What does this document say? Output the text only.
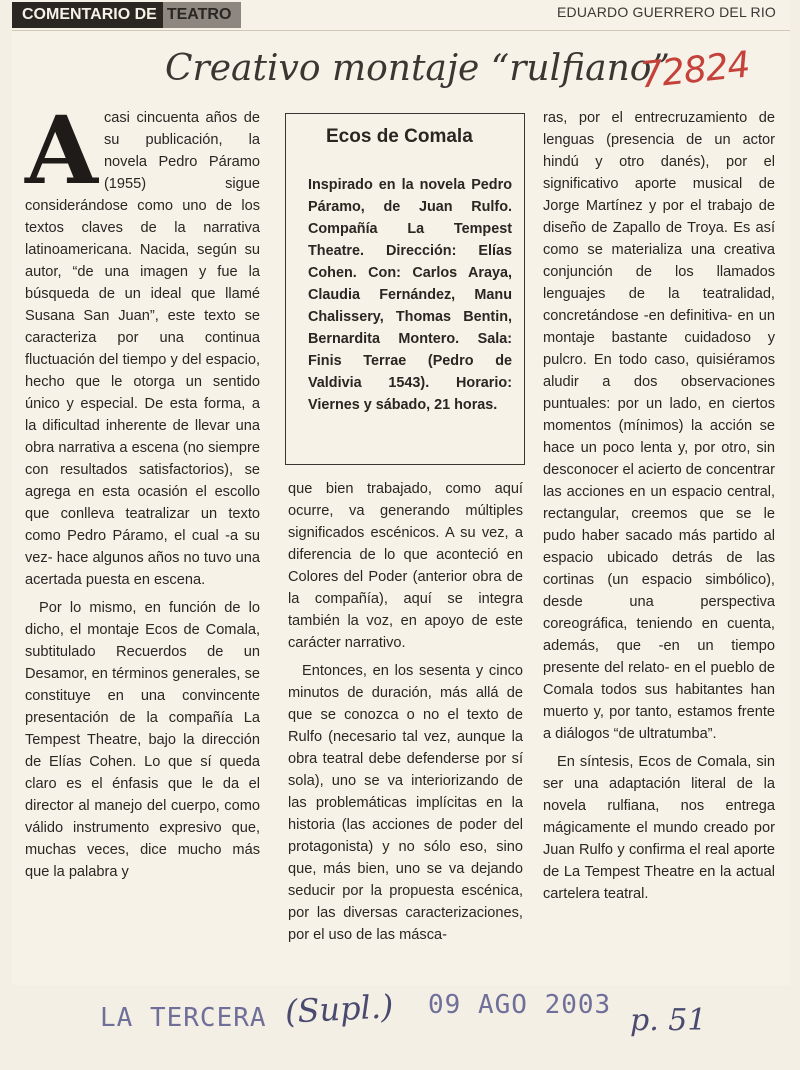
COMENTARIO DE TEATRO	EDUARDO GUERRERO DEL RIO
Creativo montaje “rulfiano”
72824

A casi cincuenta años de su publicación, la novela Pedro Páramo (1955) sigue considerándose como uno de los textos claves de la narrativa latinoamericana. Nacida, según su autor, “de una imagen y fue la búsqueda de un ideal que llamé Susana San Juan”, este texto se caracteriza por una continua fluctuación del tiempo y del espacio, hecho que le otorga un sentido único y especial. De esta forma, a la dificultad inherente de llevar una obra narrativa a escena (no siempre con resultados satisfactorios), se agrega en esta ocasión el escollo que conlleva teatralizar un texto como Pedro Páramo, el cual -a su vez- hace algunos años no tuvo una acertada puesta en escena.

Por lo mismo, en función de lo dicho, el montaje Ecos de Comala, subtitulado Recuerdos de un Desamor, en términos generales, se constituye en una convincente presentación de la compañía La Tempest Theatre, bajo la dirección de Elías Cohen. Lo que sí queda claro es el énfasis que le da el director al manejo del cuerpo, como válido instrumento expresivo que, muchas veces, dice mucho más que la palabra y

Ecos de Comala
Inspirado en la novela Pedro Páramo, de Juan Rulfo. Compañía La Tempest Theatre. Dirección: Elías Cohen. Con: Carlos Araya, Claudia Fernández, Manu Chalissery, Thomas Bentin, Bernardita Montero. Sala: Finis Terrae (Pedro de Valdivia 1543). Horario: Viernes y sábado, 21 horas.

que bien trabajado, como aquí ocurre, va generando múltiples significados escénicos. A su vez, a diferencia de lo que aconteció en Colores del Poder (anterior obra de la compañía), aquí se integra también la voz, en apoyo de este carácter narrativo.

Entonces, en los sesenta y cinco minutos de duración, más allá de que se conozca o no el texto de Rulfo (necesario tal vez, aunque la obra teatral debe defenderse por sí sola), uno se va interiorizando de las problemáticas implícitas en la historia (las acciones de poder del protagonista) y no sólo eso, sino que, más bien, uno se va dejando seducir por la propuesta escénica, por las diversas caracterizaciones, por el uso de las másca-

ras, por el entrecruzamiento de lenguas (presencia de un actor hindú y otro danés), por el significativo aporte musical de Jorge Martínez y por el trabajo de diseño de Zapallo de Troya. Es así como se materializa una creativa conjunción de los llamados lenguajes de la teatralidad, concretándose -en definitiva- en un montaje bastante cuidadoso y pulcro. En todo caso, quisiéramos aludir a dos observaciones puntuales: por un lado, en ciertos momentos (mínimos) la acción se hace un poco lenta y, por otro, sin desconocer el acierto de concentrar las acciones en un espacio central, rectangular, creemos que se le pudo haber sacado más partido al espacio ubicado detrás de las cortinas (un espacio simbólico), desde una perspectiva coreográfica, teniendo en cuenta, además, que -en un tiempo presente del relato- en el pueblo de Comala todos sus habitantes han muerto y, por tanto, estamos frente a diálogos “de ultratumba”.

En síntesis, Ecos de Comala, sin ser una adaptación literal de la novela rulfiana, nos entrega mágicamente el mundo creado por Juan Rulfo y confirma el real aporte de La Tempest Theatre en la actual cartelera teatral.

LA TERCERA (Supl.) 09 AGO 2003 p. 51
